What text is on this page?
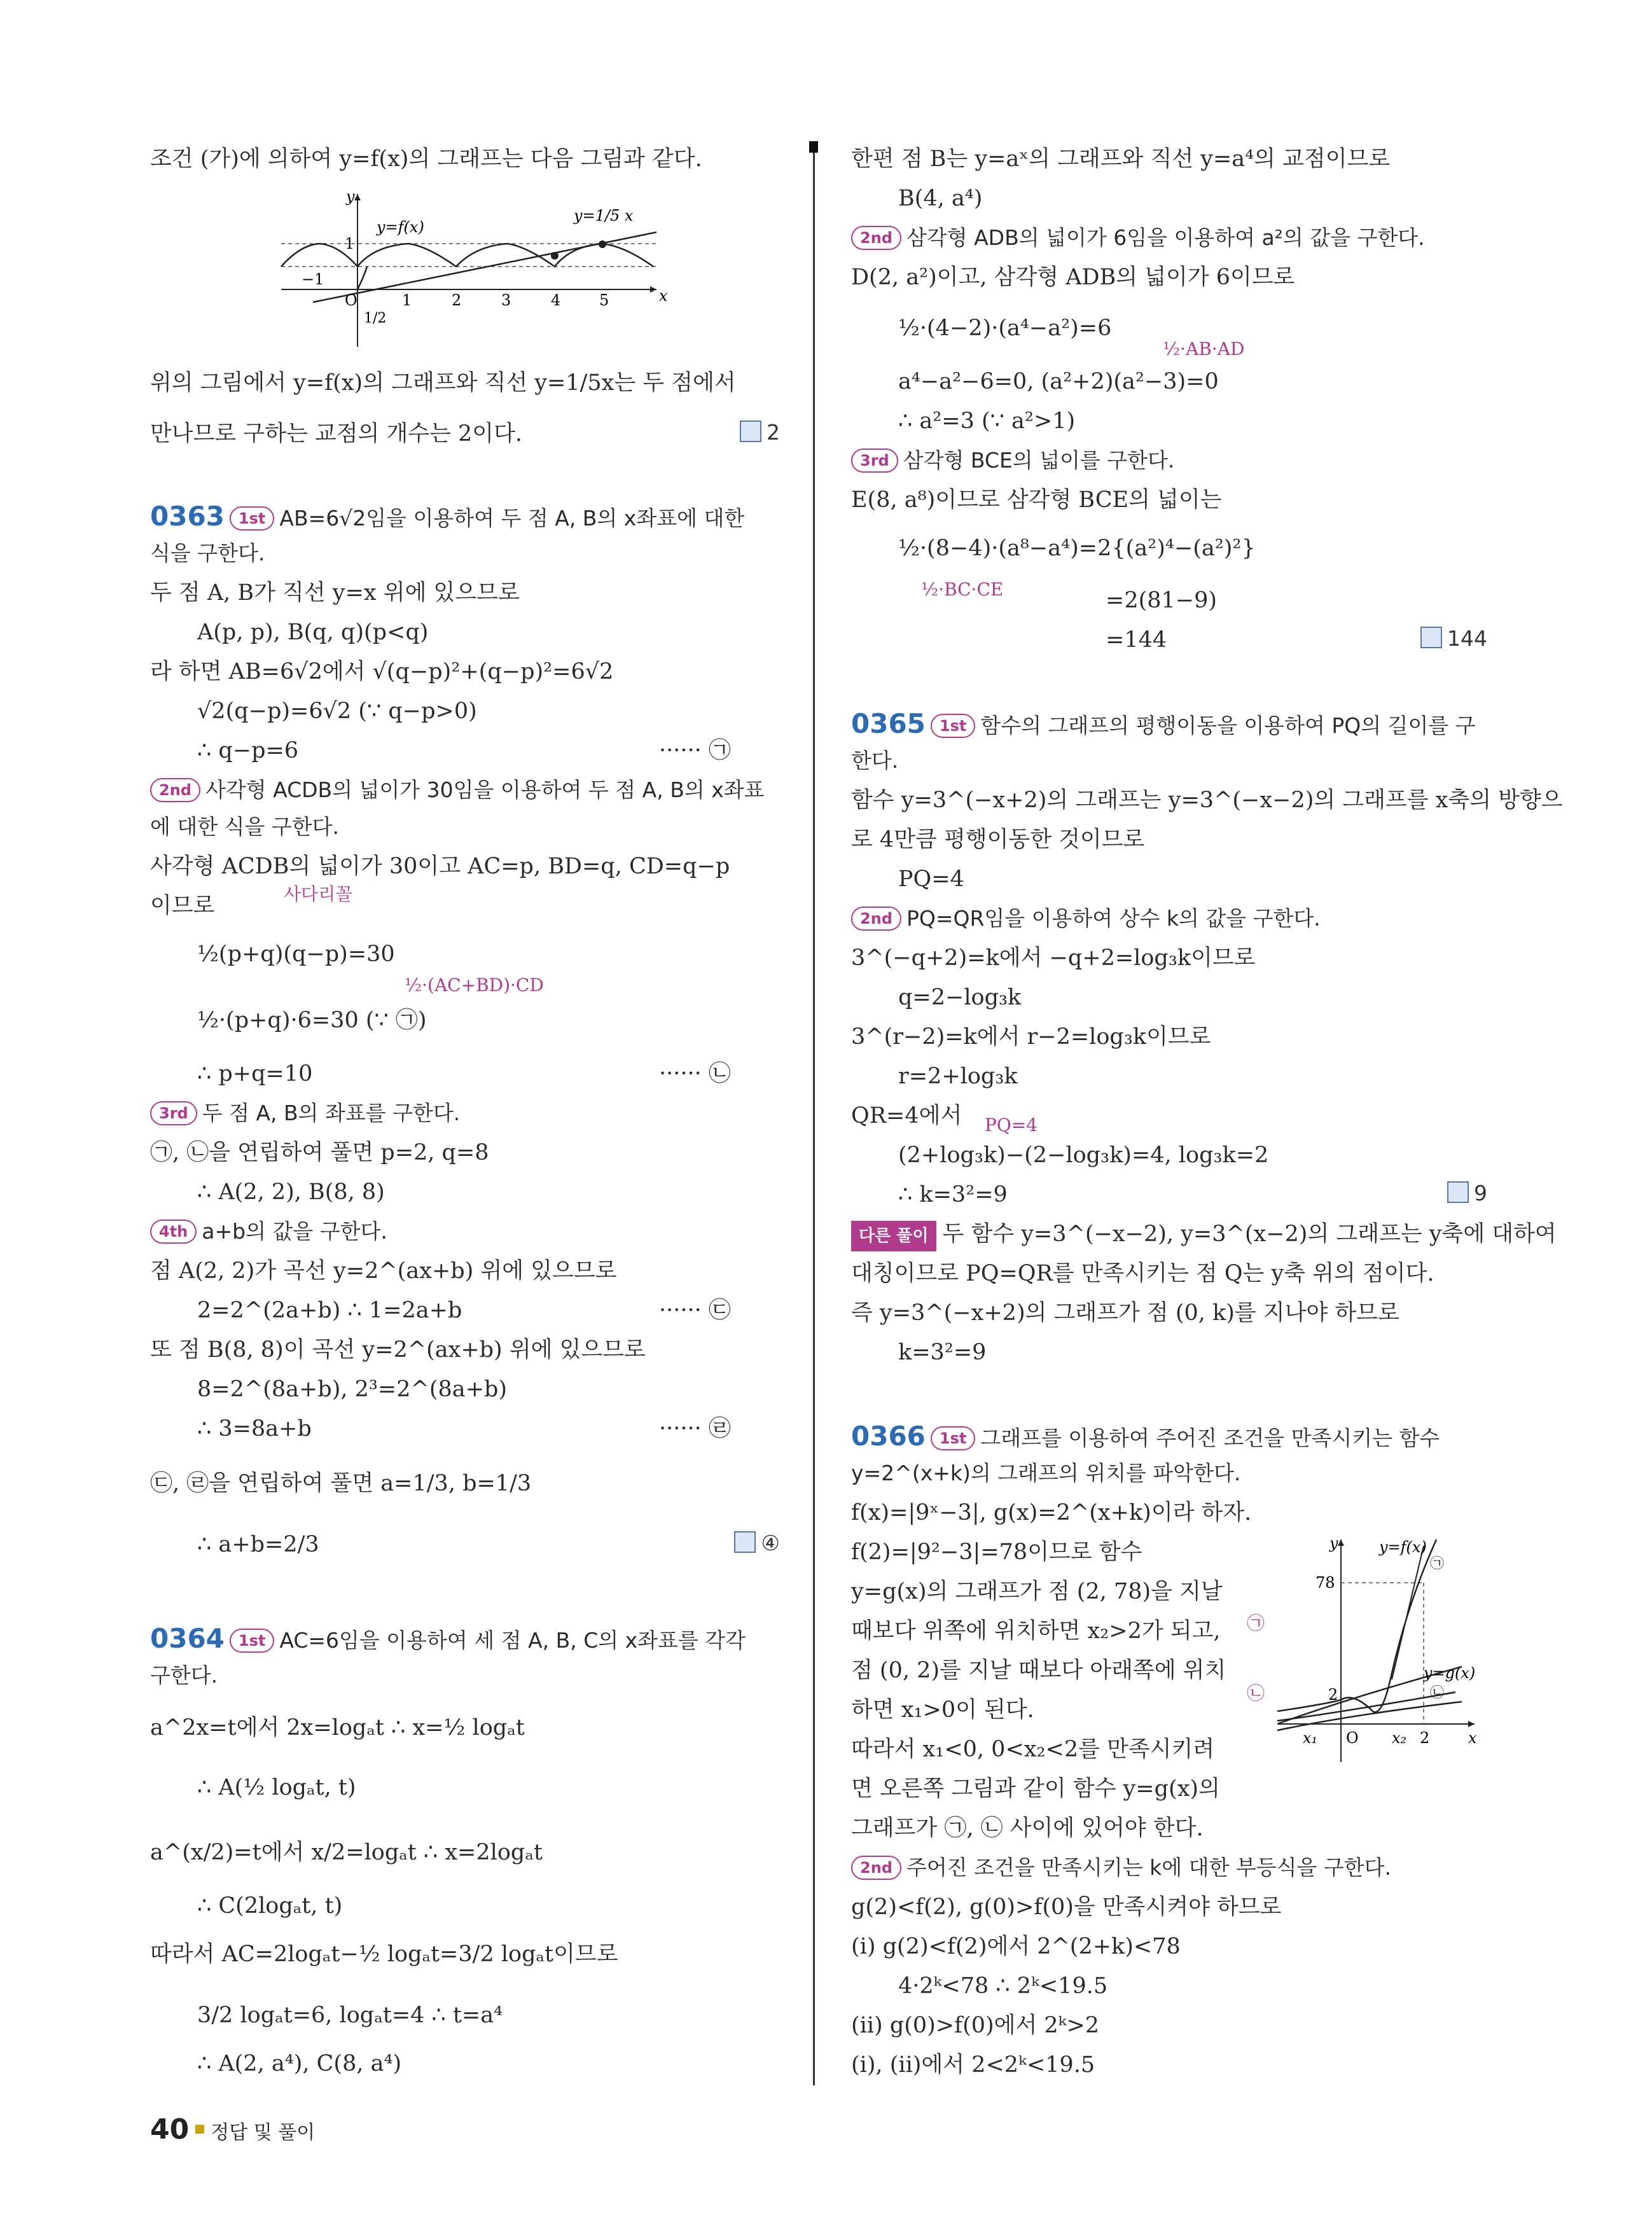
조건 (가)에 의하여 y=f(x)의 그래프는 다음 그림과 같다.
y
x
O
y=f(x)
y=1/5 x
1
−1
1	2	3	4	5
1/2
위의 그림에서 y=f(x)의 그래프와 직선 y=1/5x는 두 점에서
만나므로 구하는 교점의 개수는 2이다.	2
0363 1st AB=6√2임을 이용하여 두 점 A, B의 x좌표에 대한
식을 구한다.
두 점 A, B가 직선 y=x 위에 있으므로
A(p, p), B(q, q)(p<q)
라 하면 AB=6√2에서 √(q−p)²+(q−p)²=6√2
√2(q−p)=6√2 (∵ q−p>0)
∴ q−p=6	······ ㉠
2nd 사각형 ACDB의 넓이가 30임을 이용하여 두 점 A, B의 x좌표
에 대한 식을 구한다.
사각형 ACDB의 넓이가 30이고 AC=p, BD=q, CD=q−p
사다리꼴
이므로
½(p+q)(q−p)=30
½·(AC+BD)·CD
½·(p+q)·6=30 (∵ ㉠)
∴ p+q=10	······ ㉡
3rd 두 점 A, B의 좌표를 구한다.
㉠, ㉡을 연립하여 풀면 p=2, q=8
∴ A(2, 2), B(8, 8)
4th a+b의 값을 구한다.
점 A(2, 2)가 곡선 y=2^(ax+b) 위에 있으므로
2=2^(2a+b) ∴ 1=2a+b	······ ㉢
또 점 B(8, 8)이 곡선 y=2^(ax+b) 위에 있으므로
8=2^(8a+b), 2³=2^(8a+b)
∴ 3=8a+b	······ ㉣
㉢, ㉣을 연립하여 풀면 a=1/3, b=1/3
∴ a+b=2/3	④
0364 1st AC=6임을 이용하여 세 점 A, B, C의 x좌표를 각각
구한다.
a^2x=t에서 2x=logₐt ∴ x=½ logₐt
∴ A(½ logₐt, t)
a^(x/2)=t에서 x/2=logₐt ∴ x=2logₐt
∴ C(2logₐt, t)
따라서 AC=2logₐt−½ logₐt=3/2 logₐt이므로
3/2 logₐt=6, logₐt=4 ∴ t=a⁴
∴ A(2, a⁴), C(8, a⁴)
한편 점 B는 y=aˣ의 그래프와 직선 y=a⁴의 교점이므로
B(4, a⁴)
2nd 삼각형 ADB의 넓이가 6임을 이용하여 a²의 값을 구한다.
D(2, a²)이고, 삼각형 ADB의 넓이가 6이므로
½·(4−2)·(a⁴−a²)=6
½·AB·AD
a⁴−a²−6=0, (a²+2)(a²−3)=0
∴ a²=3 (∵ a²>1)
3rd 삼각형 BCE의 넓이를 구한다.
E(8, a⁸)이므로 삼각형 BCE의 넓이는
½·(8−4)·(a⁸−a⁴)=2{(a²)⁴−(a²)²}
½·BC·CE	=2(81−9)
=144	144
0365 1st 함수의 그래프의 평행이동을 이용하여 PQ의 길이를 구
한다.
함수 y=3^(−x+2)의 그래프는 y=3^(−x−2)의 그래프를 x축의 방향으
로 4만큼 평행이동한 것이므로
PQ=4
2nd PQ=QR임을 이용하여 상수 k의 값을 구한다.
3^(−q+2)=k에서 −q+2=log₃k이므로
q=2−log₃k
3^(r−2)=k에서 r−2=log₃k이므로
r=2+log₃k
QR=4에서 PQ=4
(2+log₃k)−(2−log₃k)=4, log₃k=2
∴ k=3²=9	9
다른 풀이 두 함수 y=3^(−x−2), y=3^(x−2)의 그래프는 y축에 대하여
대칭이므로 PQ=QR를 만족시키는 점 Q는 y축 위의 점이다.
즉 y=3^(−x+2)의 그래프가 점 (0, k)를 지나야 하므로
k=3²=9
0366 1st 그래프를 이용하여 주어진 조건을 만족시키는 함수
y=2^(x+k)의 그래프의 위치를 파악한다.
f(x)=|9ˣ−3|, g(x)=2^(x+k)이라 하자.
f(2)=|9²−3|=78이므로 함수
y=g(x)의 그래프가 점 (2, 78)을 지날
때보다 위쪽에 위치하면 x₂>2가 되고,
점 (0, 2)를 지날 때보다 아래쪽에 위치
하면 x₁>0이 된다.
따라서 x₁<0, 0<x₂<2를 만족시키려
면 오른쪽 그림과 같이 함수 y=g(x)의
그래프가 ㉠, ㉡ 사이에 있어야 한다.
㉠
㉡
y
x
O
y=f(x)
y=g(x)
78
2
x₁	x₂ 2
㉠
㉡
2nd 주어진 조건을 만족시키는 k에 대한 부등식을 구한다.
g(2)<f(2), g(0)>f(0)을 만족시켜야 하므로
(i) g(2)<f(2)에서 2^(2+k)<78
4·2ᵏ<78 ∴ 2ᵏ<19.5
(ii) g(0)>f(0)에서 2ᵏ>2
(i), (ii)에서 2<2ᵏ<19.5
40 정답 및 풀이
